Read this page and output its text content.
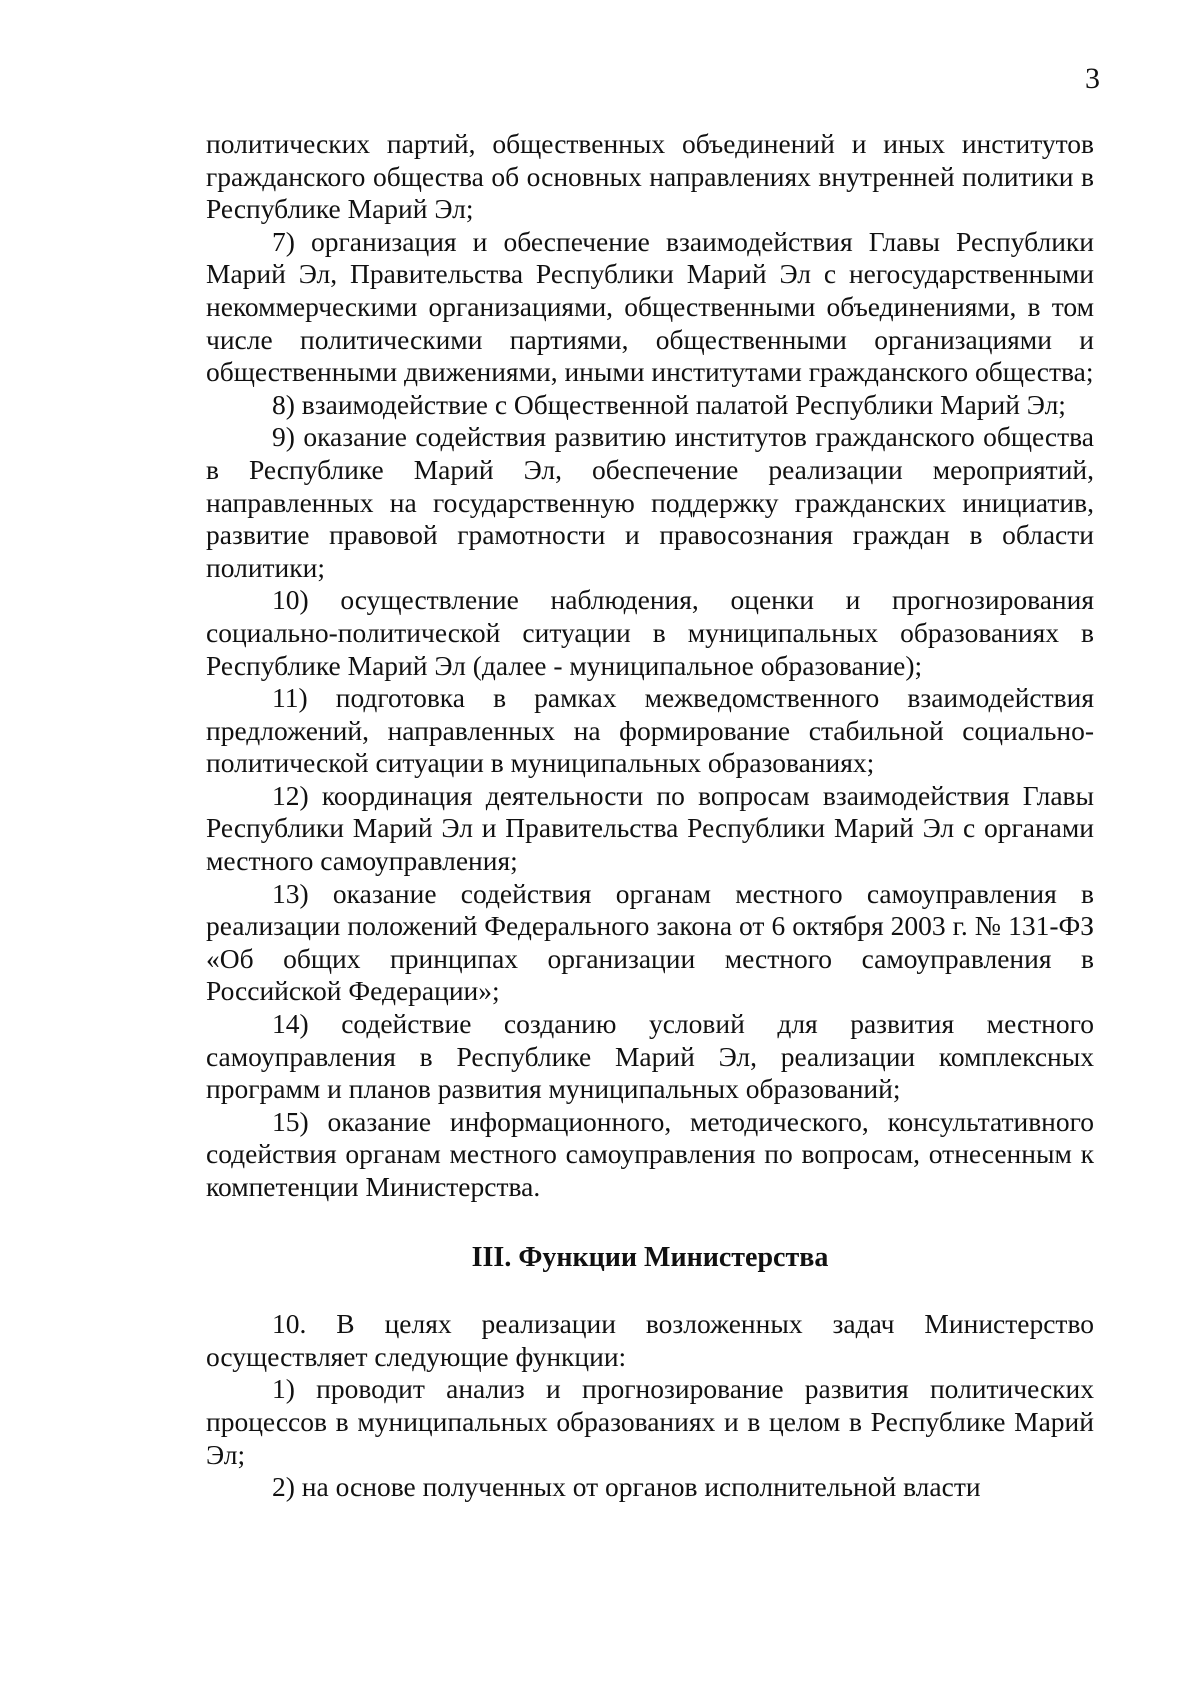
3

политических партий, общественных объединений и иных институтов гражданского общества об основных направлениях внутренней политики в Республике Марий Эл;

7) организация и обеспечение взаимодействия Главы Республики Марий Эл, Правительства Республики Марий Эл с негосударственными некоммерческими организациями, общественными объединениями, в том числе политическими партиями, общественными организациями и общественными движениями, иными институтами гражданского общества;

8) взаимодействие с Общественной палатой Республики Марий Эл;

9) оказание содействия развитию институтов гражданского общества в Республике Марий Эл, обеспечение реализации мероприятий, направленных на государственную поддержку гражданских инициатив, развитие правовой грамотности и правосознания граждан в области политики;

10) осуществление наблюдения, оценки и прогнозирования социально-политической ситуации в муниципальных образованиях в Республике Марий Эл (далее - муниципальное образование);

11) подготовка в рамках межведомственного взаимодействия предложений, направленных на формирование стабильной социально-политической ситуации в муниципальных образованиях;

12) координация деятельности по вопросам взаимодействия Главы Республики Марий Эл и Правительства Республики Марий Эл с органами местного самоуправления;

13) оказание содействия органам местного самоуправления в реализации положений Федерального закона от 6 октября 2003 г. № 131-ФЗ «Об общих принципах организации местного самоуправления в Российской Федерации»;

14) содействие созданию условий для развития местного самоуправления в Республике Марий Эл, реализации комплексных программ и планов развития муниципальных образований;

15) оказание информационного, методического, консультативного содействия органам местного самоуправления по вопросам, отнесенным к компетенции Министерства.

III. Функции Министерства

10. В целях реализации возложенных задач Министерство осуществляет следующие функции:

1) проводит анализ и прогнозирование развития политических процессов в муниципальных образованиях и в целом в Республике Марий Эл;

2) на основе полученных от органов исполнительной власти
